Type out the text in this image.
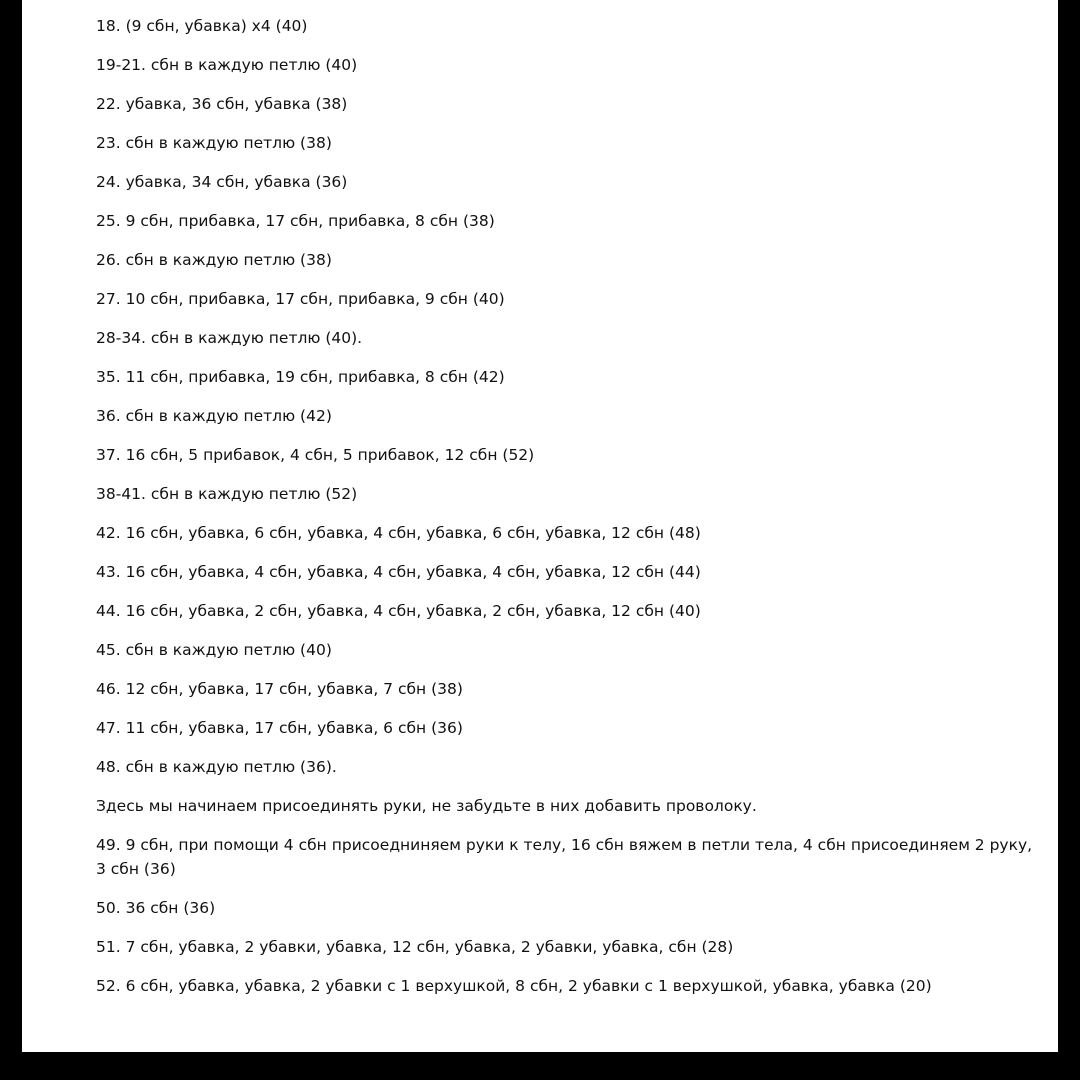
18. (9 сбн, убавка) х4 (40)
19-21. сбн в каждую петлю (40)
22. убавка, 36 сбн, убавка (38)
23. сбн в каждую петлю (38)
24. убавка, 34 сбн, убавка (36)
25. 9 сбн, прибавка, 17 сбн, прибавка, 8 сбн (38)
26. сбн в каждую петлю (38)
27. 10 сбн, прибавка, 17 сбн, прибавка, 9 сбн (40)
28-34. сбн в каждую петлю (40).
35. 11 сбн, прибавка, 19 сбн, прибавка, 8 сбн (42)
36. сбн в каждую петлю (42)
37. 16 сбн, 5 прибавок, 4 сбн, 5 прибавок, 12 сбн (52)
38-41. сбн в каждую петлю (52)
42. 16 сбн, убавка, 6 сбн, убавка, 4 сбн, убавка, 6 сбн, убавка, 12 сбн (48)
43. 16 сбн, убавка, 4 сбн, убавка, 4 сбн, убавка, 4 сбн, убавка, 12 сбн (44)
44. 16 сбн, убавка, 2 сбн, убавка, 4 сбн, убавка, 2 сбн, убавка, 12 сбн (40)
45. сбн в каждую петлю (40)
46. 12 сбн, убавка, 17 сбн, убавка, 7 сбн (38)
47. 11 сбн, убавка, 17 сбн, убавка, 6 сбн (36)
48. сбн в каждую петлю (36).
Здесь мы начинаем присоединять руки, не забудьте в них добавить проволоку.
49. 9 сбн, при помощи 4 сбн присоедниняем руки к телу, 16 сбн вяжем в петли тела, 4 сбн присоединяем 2 руку, 3 сбн (36)
50. 36 сбн (36)
51. 7 сбн, убавка, 2 убавки, убавка, 12 сбн, убавка, 2 убавки, убавка, сбн (28)
52. 6 сбн, убавка, убавка, 2 убавки с 1 верхушкой, 8 сбн, 2 убавки с 1 верхушкой, убавка, убавка (20)
